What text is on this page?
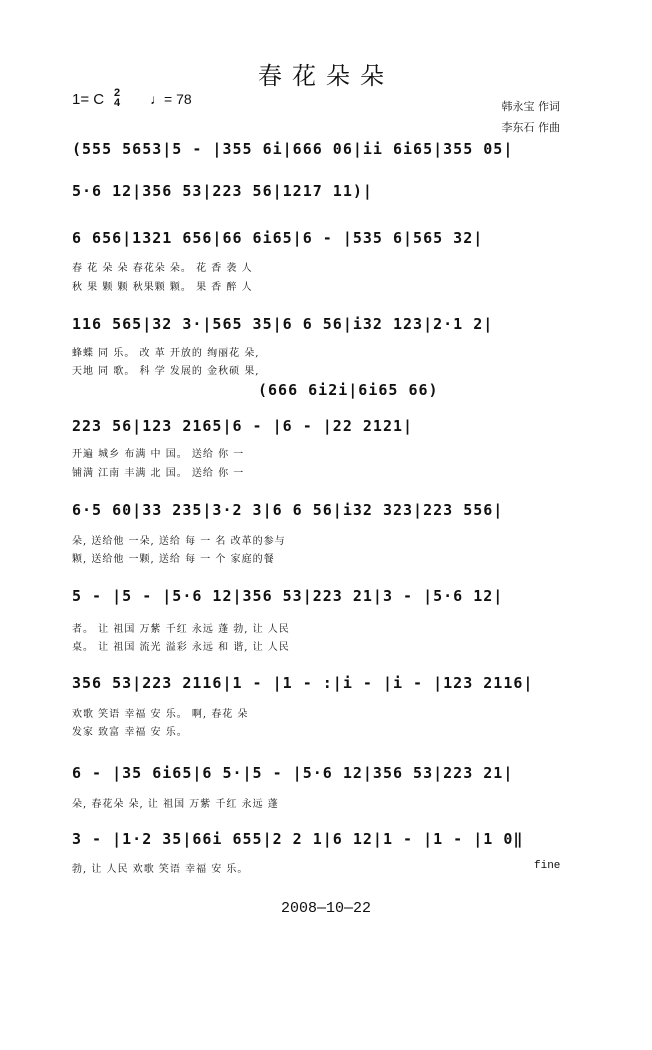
春花朵朵
1= C 2
4 ♩= 78	韩永宝 作词
李东石 作曲
(555 5653|5 - |355 6i|666 06|ii 6i65|355 05|
5·6 12|356 53|223 56|1217 11)|
6 656|1321 656|66 6i65|6 - |535 6|565 32|
春 花 朵 朵 春花朵 朵。 花 香 袭 人
秋 果 颗 颗 秋果颗 颗。 果 香 醉 人
116 565|32 3·|565 35|6 6 56|i32 123|2·1 2|
蜂蝶 同 乐。 改 革 开放的 绚丽花 朵,
天地 同 歌。 科 学 发展的 金秋硕 果,
(666 6i2i|6i65 66)
223 56|123 2165|6 - |6 - |22 2121|
开遍 城乡 布满 中 国。 送给 你 一
铺满 江南 丰满 北 国。 送给 你 一
6·5 60|33 235|3·2 3|6 6 56|i32 323|223 556|
朵, 送给他 一朵, 送给 每 一 名 改革的参与
颗, 送给他 一颗, 送给 每 一 个 家庭的餐
5 - |5 - |5·6 12|356 53|223 21|3 - |5·6 12|
者。 让 祖国 万紫 千红 永远 蓬 勃, 让 人民
桌。 让 祖国 流光 溢彩 永远 和 谐, 让 人民
356 53|223 2116|1 - |1 - :|i - |i - |123 2116|
欢歌 笑语 幸福 安 乐。 啊, 春花 朵
发家 致富 幸福 安 乐。
6 - |35 6i65|6 5·|5 - |5·6 12|356 53|223 21|
朵, 春花朵 朵, 让 祖国 万紫 千红 永远 蓬
3 - |1·2 35|66i 655|2 2 1|6 12|1 - |1 - |1 0‖
勃, 让 人民 欢歌 笑语 幸福 安 乐。	fine
2008—10—22
